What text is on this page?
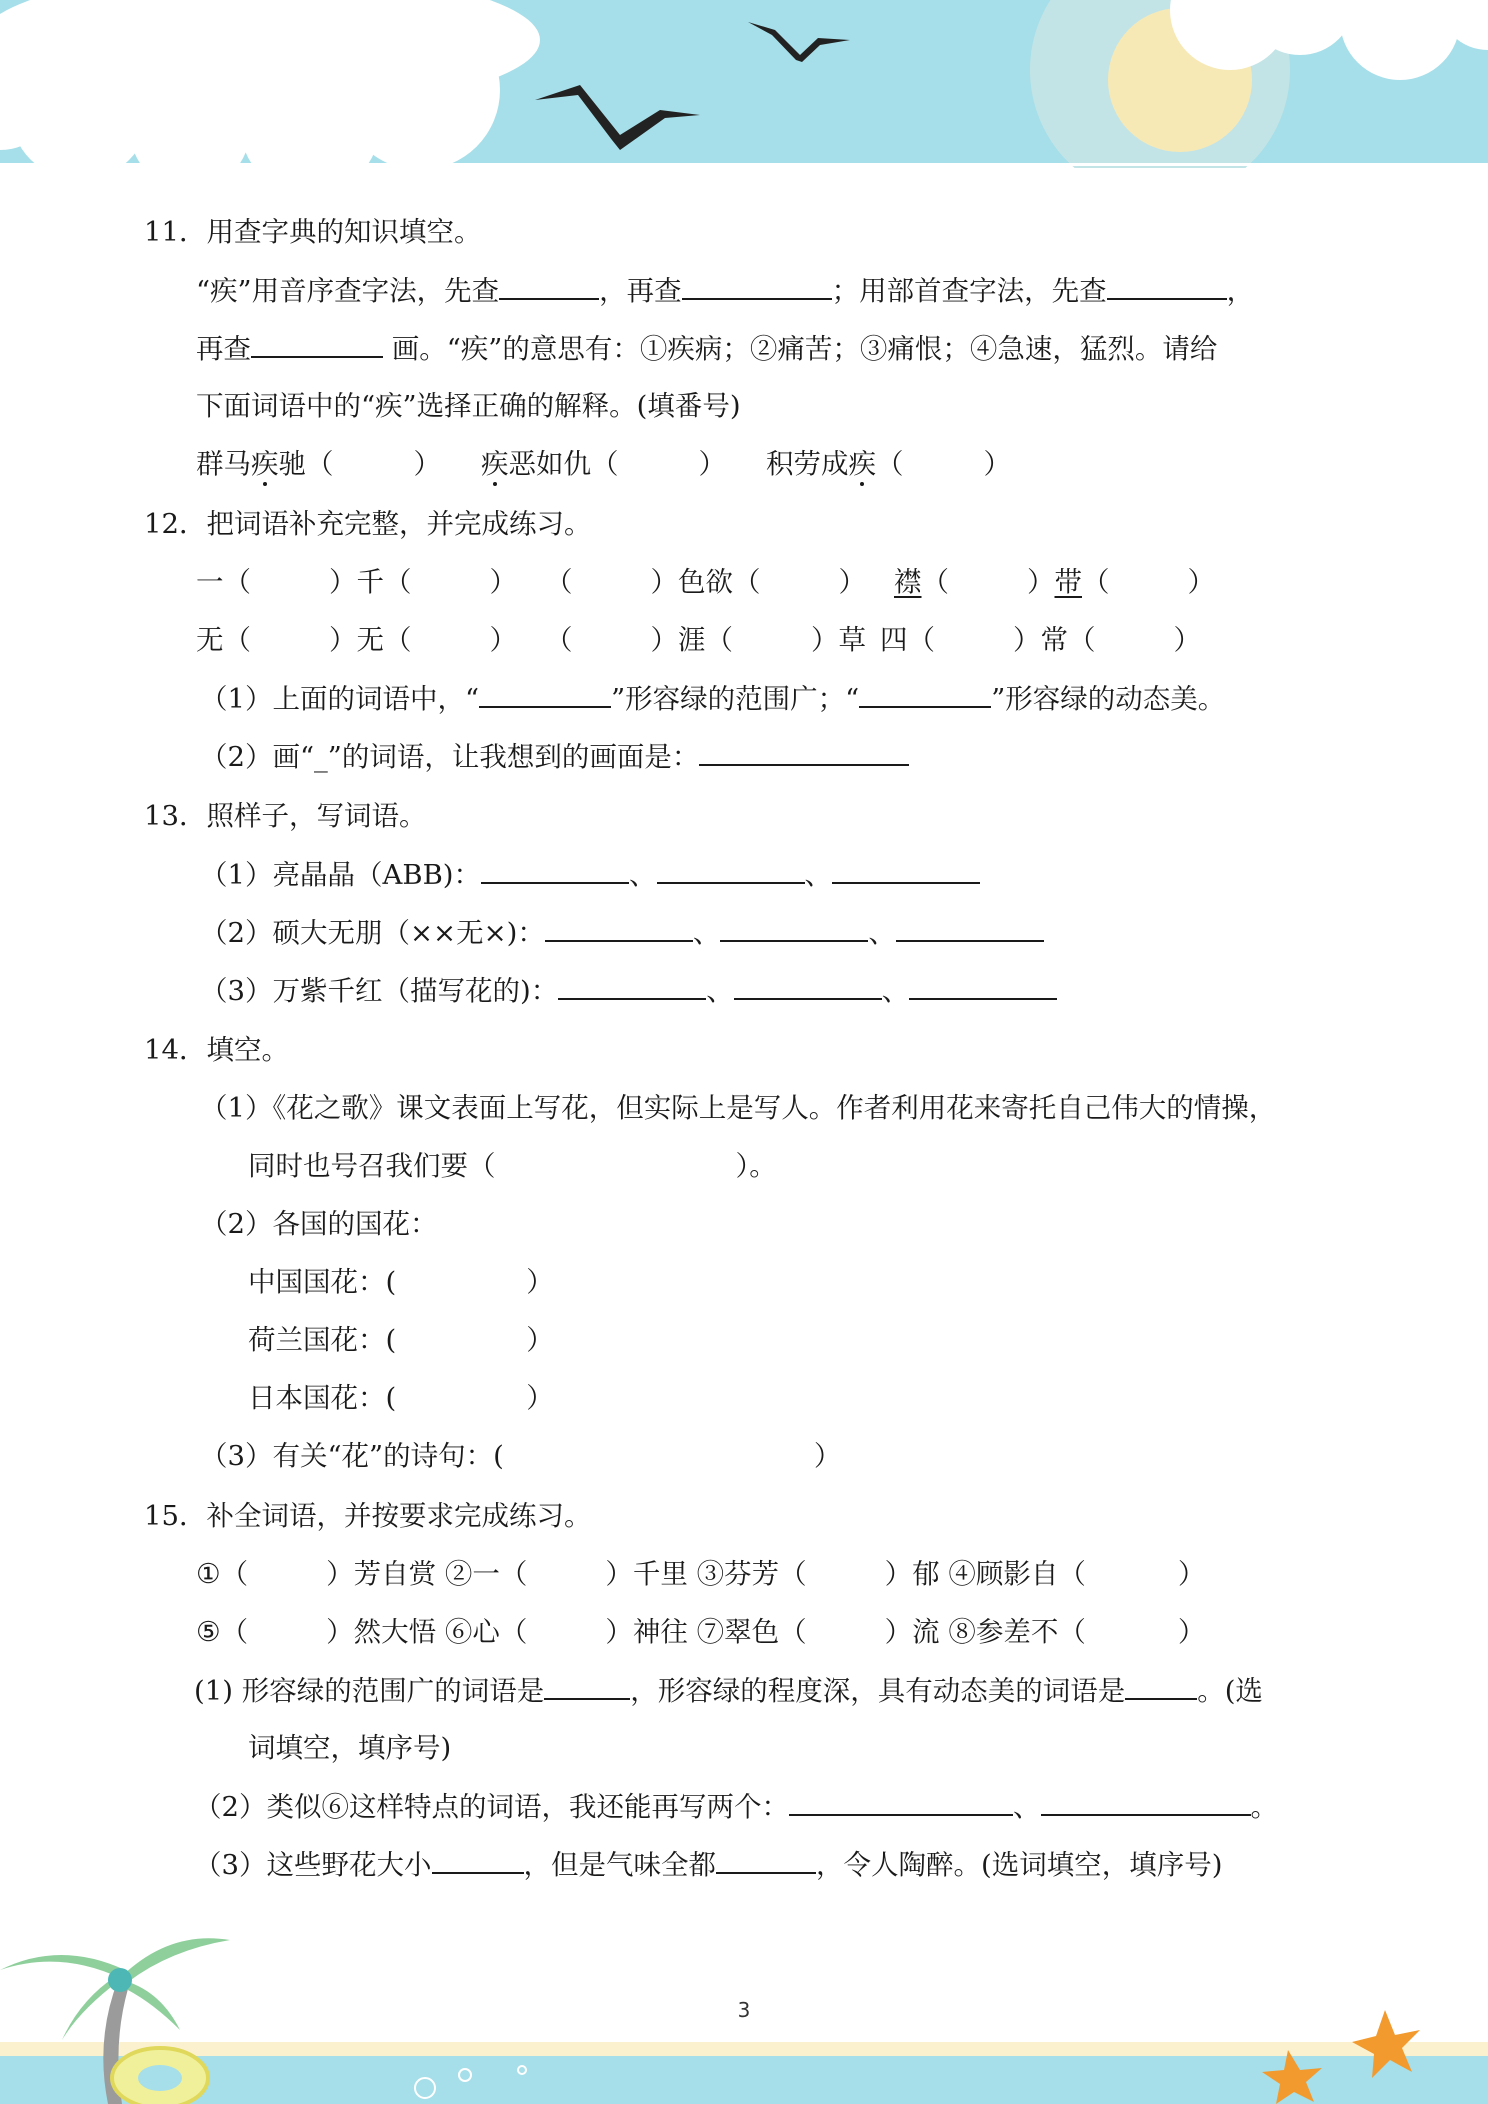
11．用查字典的知识填空。
“疾”用音序查字法，先查	，再查	；用部首查字法，先查	，
再查	画。“疾”的意思有：①疾病；②痛苦；③痛恨；④急速，猛烈。请给
下面词语中的“疾”选择正确的解释。(填番号)
群马疾驰（	） 疾恶如仇（	） 积劳成疾（	）
12．把词语补充完整，并完成练习。
一（	）千（	） （	）色欲（	） 襟（	）带（	）
无（	）无（	） （	）涯（	）草 四（	）常（	）
（1）上面的词语中，“	”形容绿的范围广；“	”形容绿的动态美。
（2）画“_”的词语，让我想到的画面是：
13．照样子，写词语。
（1）亮晶晶（ABB)：	、	、
（2）硕大无朋（××无×)：	、	、
（3）万紫千红（描写花的)：	、	、
14．填空。
（1）《花之歌》课文表面上写花，但实际上是写人。作者利用花来寄托自己伟大的情操，
同时也号召我们要（	）。
（2）各国的国花：
中国国花：(	）
荷兰国花：(	）
日本国花：(	）
（3）有关“花”的诗句：(	）
15．补全词语，并按要求完成练习。
①（	）芳自赏 ②一（	）千里 ③芬芳（	）郁 ④顾影自（	）
⑤（	）然大悟 ⑥心（	）神往 ⑦翠色（	）流 ⑧参差不（	）
(1) 形容绿的范围广的词语是	，形容绿的程度深，具有动态美的词语是	。(选
词填空，填序号)
（2）类似⑥这样特点的词语，我还能再写两个：	、	。
（3）这些野花大小	，但是气味全都	，令人陶醉。(选词填空，填序号)
3
